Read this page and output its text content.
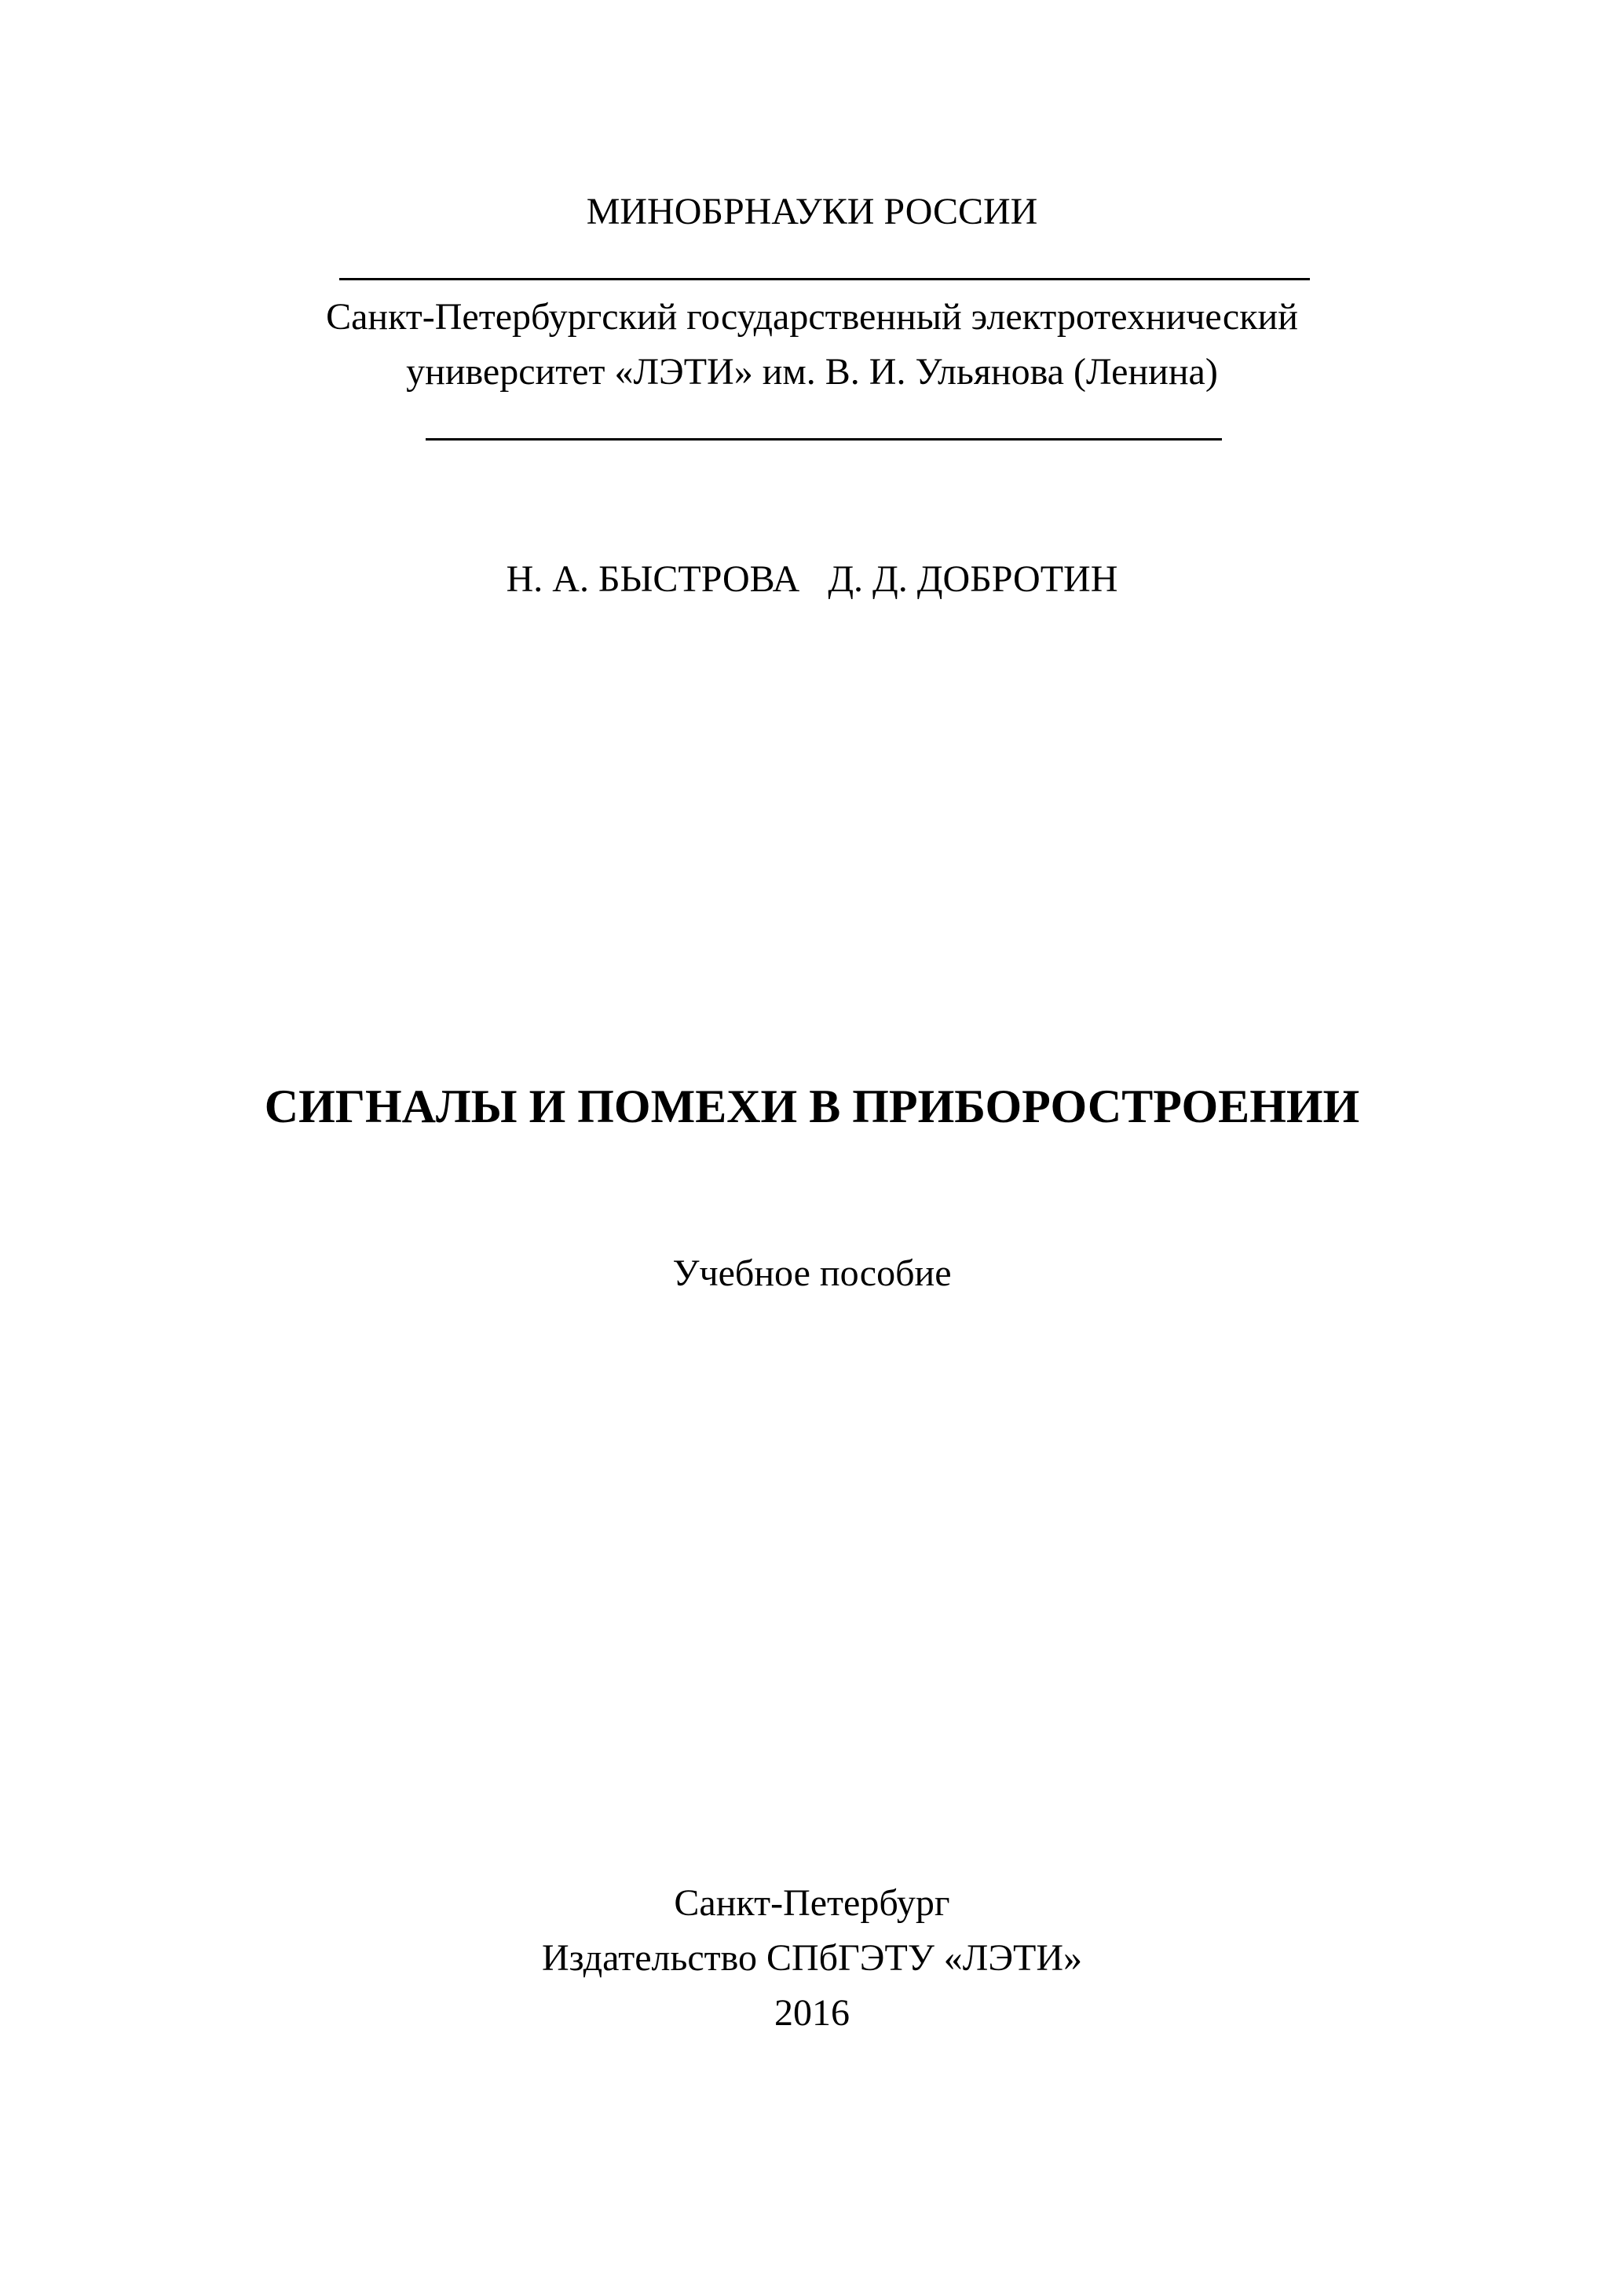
МИНОБРНАУКИ РОССИИ
Санкт-Петербургский государственный электротехнический
университет «ЛЭТИ» им. В. И. Ульянова (Ленина)
Н. А. БЫСТРОВА   Д. Д. ДОБРОТИН
СИГНАЛЫ И ПОМЕХИ В ПРИБОРОСТРОЕНИИ
Учебное пособие
Санкт-Петербург
Издательство СПбГЭТУ «ЛЭТИ»
2016
